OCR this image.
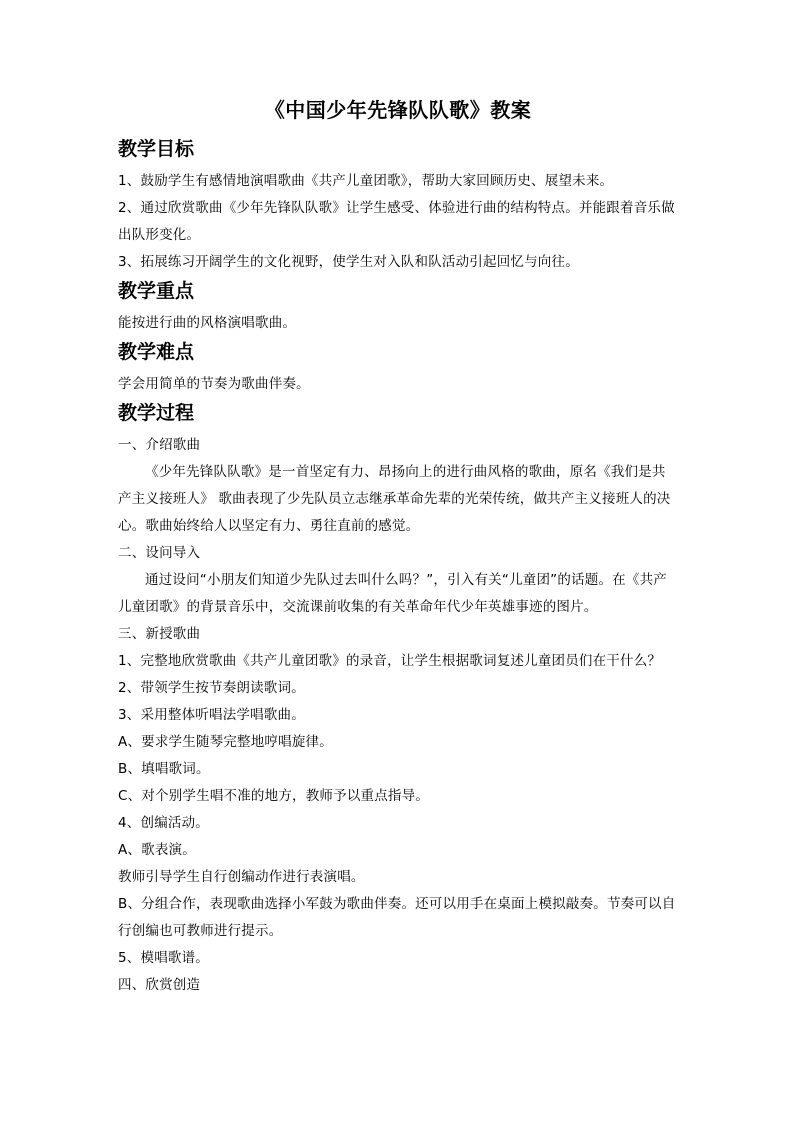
《中国少年先锋队队歌》教案
教学目标

1、鼓励学生有感情地演唱歌曲《共产儿童团歌》，帮助大家回顾历史、展望未来。

2、通过欣赏歌曲《少年先锋队队歌》让学生感受、体验进行曲的结构特点。并能跟着音乐做出队形变化。

3、拓展练习开阔学生的文化视野，使学生对入队和队活动引起回忆与向往。

教学重点

能按进行曲的风格演唱歌曲。

教学难点

学会用简单的节奏为歌曲伴奏。

教学过程

一、介绍歌曲

《少年先锋队队歌》是一首坚定有力、昂扬向上的进行曲风格的歌曲，原名《我们是共产主义接班人》 歌曲表现了少先队员立志继承革命先辈的光荣传统，做共产主义接班人的决心。歌曲始终给人以坚定有力、勇往直前的感觉。

二、设问导入

通过设问“小朋友们知道少先队过去叫什么吗？”，引入有关“儿童团”的话题。在《共产儿童团歌》的背景音乐中，交流课前收集的有关革命年代少年英雄事迹的图片。

三、新授歌曲

1、完整地欣赏歌曲《共产儿童团歌》的录音，让学生根据歌词复述儿童团员们在干什么？

2、带领学生按节奏朗读歌词。

3、采用整体听唱法学唱歌曲。

A、要求学生随琴完整地哼唱旋律。

B、填唱歌词。

C、对个别学生唱不准的地方，教师予以重点指导。

4、创编活动。

A、歌表演。

教师引导学生自行创编动作进行表演唱。

B、分组合作，表现歌曲选择小军鼓为歌曲伴奏。还可以用手在桌面上模拟敲奏。节奏可以自行创编也可教师进行提示。

5、模唱歌谱。

四、欣赏创造
